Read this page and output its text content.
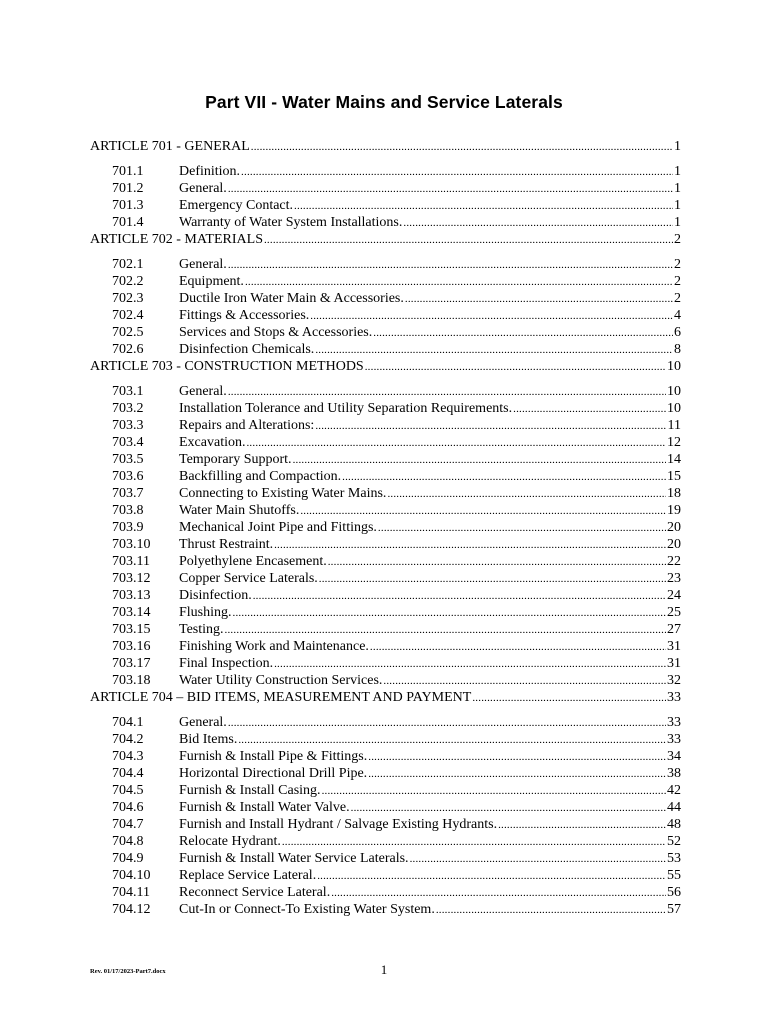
Part VII - Water Mains and Service Laterals
ARTICLE 701 - GENERAL .....	1
701.1	Definition. .....	1
701.2	General. .....	1
701.3	Emergency Contact. .....	1
701.4	Warranty of Water System Installations. .....	1
ARTICLE 702 - MATERIALS .....	2
702.1	General. .....	2
702.2	Equipment. .....	2
702.3	Ductile Iron Water Main & Accessories. .....	2
702.4	Fittings & Accessories. .....	4
702.5	Services and Stops & Accessories. .....	6
702.6	Disinfection Chemicals. .....	8
ARTICLE 703 - CONSTRUCTION METHODS .....	10
703.1	General. .....	10
703.2	Installation Tolerance and Utility Separation Requirements. .....	10
703.3	Repairs and Alterations: .....	11
703.4	Excavation. .....	12
703.5	Temporary Support. .....	14
703.6	Backfilling and Compaction. .....	15
703.7	Connecting to Existing Water Mains. .....	18
703.8	Water Main Shutoffs. .....	19
703.9	Mechanical Joint Pipe and Fittings. .....	20
703.10	Thrust Restraint. .....	20
703.11	Polyethylene Encasement. .....	22
703.12	Copper Service Laterals. .....	23
703.13	Disinfection. .....	24
703.14	Flushing. .....	25
703.15	Testing. .....	27
703.16	Finishing Work and Maintenance. .....	31
703.17	Final Inspection. .....	31
703.18	Water Utility Construction Services. .....	32
ARTICLE 704 – BID ITEMS, MEASUREMENT AND PAYMENT .....	33
704.1	General. .....	33
704.2	Bid Items. .....	33
704.3	Furnish & Install Pipe & Fittings. .....	34
704.4	Horizontal Directional Drill Pipe. .....	38
704.5	Furnish & Install Casing. .....	42
704.6	Furnish & Install Water Valve. .....	44
704.7	Furnish and Install Hydrant / Salvage Existing Hydrants. .....	48
704.8	Relocate Hydrant. .....	52
704.9	Furnish & Install Water Service Laterals. .....	53
704.10	Replace Service Lateral. .....	55
704.11	Reconnect Service Lateral. .....	56
704.12	Cut-In or Connect-To Existing Water System. .....	57
Rev. 01/17/2023-Part7.docx	1
